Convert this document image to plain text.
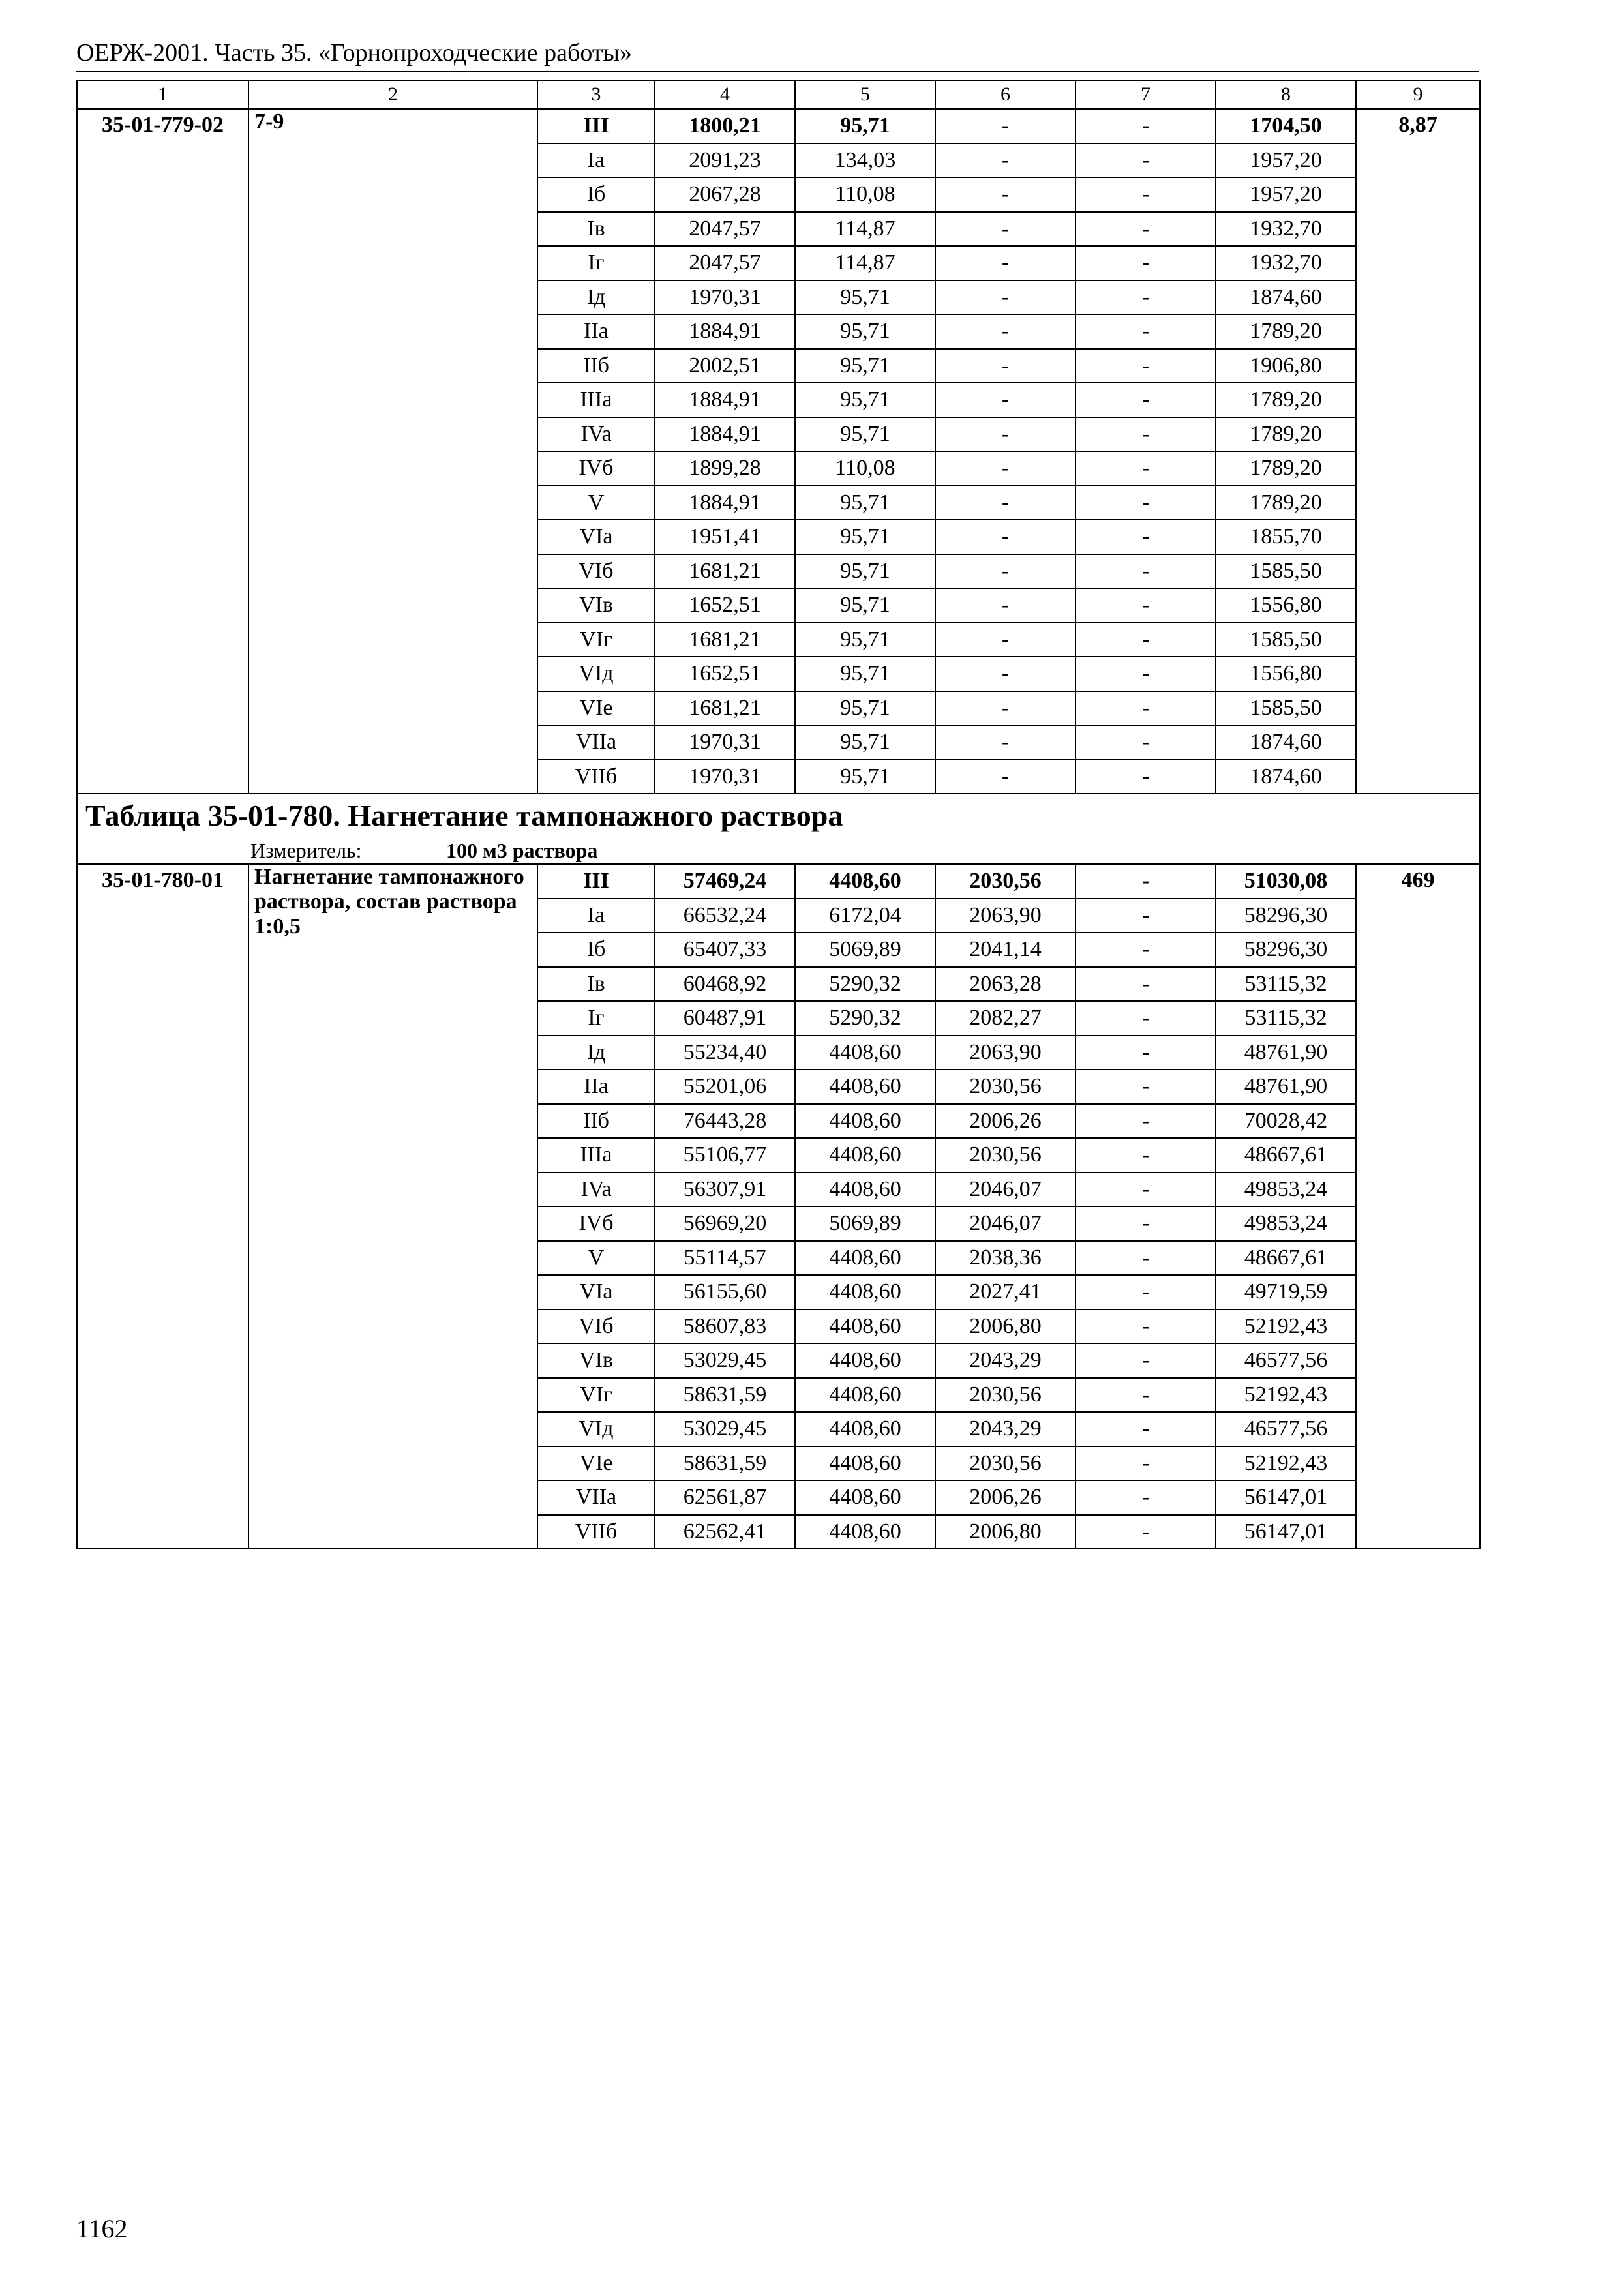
ОЕРЖ-2001. Часть 35. «Горнопроходческие работы»
1	2	3	4	5	6	7	8	9
35-01-779-02	7-9	III	1800,21	95,71	-	-	1704,50	8,87
		Ia	2091,23	134,03	-	-	1957,20	
		Iб	2067,28	110,08	-	-	1957,20	
		Iв	2047,57	114,87	-	-	1932,70	
		Iг	2047,57	114,87	-	-	1932,70	
		Iд	1970,31	95,71	-	-	1874,60	
		IIa	1884,91	95,71	-	-	1789,20	
		IIб	2002,51	95,71	-	-	1906,80	
		IIIa	1884,91	95,71	-	-	1789,20	
		IVa	1884,91	95,71	-	-	1789,20	
		IVб	1899,28	110,08	-	-	1789,20	
		V	1884,91	95,71	-	-	1789,20	
		VIa	1951,41	95,71	-	-	1855,70	
		VIб	1681,21	95,71	-	-	1585,50	
		VIв	1652,51	95,71	-	-	1556,80	
		VIг	1681,21	95,71	-	-	1585,50	
		VIд	1652,51	95,71	-	-	1556,80	
		VIe	1681,21	95,71	-	-	1585,50	
		VIIa	1970,31	95,71	-	-	1874,60	
		VIIб	1970,31	95,71	-	-	1874,60	
Таблица 35-01-780. Нагнетание тампонажного раствора								
Измеритель: 100 м3 раствора								
35-01-780-01	Нагнетание тампонажного раствора, состав раствора 1:0,5	III	57469,24	4408,60	2030,56	-	51030,08	469
		Ia	66532,24	6172,04	2063,90	-	58296,30	
		Iб	65407,33	5069,89	2041,14	-	58296,30	
		Iв	60468,92	5290,32	2063,28	-	53115,32	
		Iг	60487,91	5290,32	2082,27	-	53115,32	
		Iд	55234,40	4408,60	2063,90	-	48761,90	
		IIa	55201,06	4408,60	2030,56	-	48761,90	
		IIб	76443,28	4408,60	2006,26	-	70028,42	
		IIIa	55106,77	4408,60	2030,56	-	48667,61	
		IVa	56307,91	4408,60	2046,07	-	49853,24	
		IVб	56969,20	5069,89	2046,07	-	49853,24	
		V	55114,57	4408,60	2038,36	-	48667,61	
		VIa	56155,60	4408,60	2027,41	-	49719,59	
		VIб	58607,83	4408,60	2006,80	-	52192,43	
		VIв	53029,45	4408,60	2043,29	-	46577,56	
		VIг	58631,59	4408,60	2030,56	-	52192,43	
		VIд	53029,45	4408,60	2043,29	-	46577,56	
		VIe	58631,59	4408,60	2030,56	-	52192,43	
		VIIa	62561,87	4408,60	2006,26	-	56147,01	
		VIIб	62562,41	4408,60	2006,80	-	56147,01	
1162
